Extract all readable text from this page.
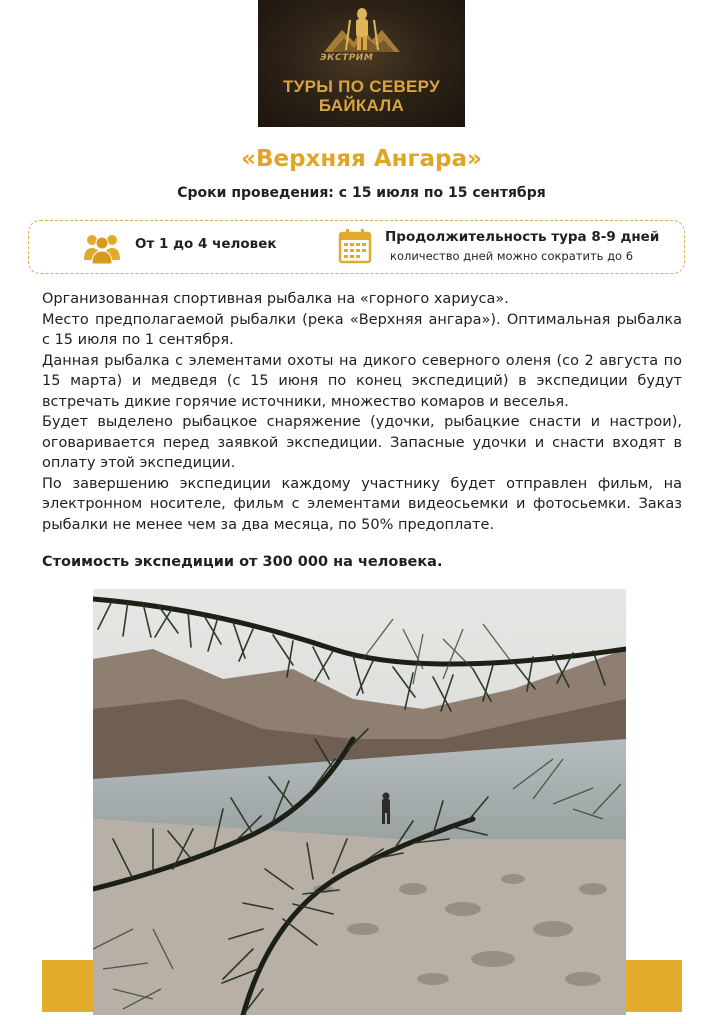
ЭКСТРИМ
ТУРЫ ПО СЕВЕРУ
БАЙКАЛА
«Верхняя Ангара»
Сроки проведения: с 15 июля по 15 сентября
От 1 до 4 человек	Продолжительность тура 8-9 дней
количество дней можно сократить до 6

Организованная спортивная рыбалка на «горного хариуса».

Место предполагаемой рыбалки (река «Верхняя ангара»). Оптимальная рыбалка с 15 июля по 1 сентября.

Данная рыбалка с элементами охоты на дикого северного оленя (со 2 августа по 15 марта) и медведя (с 15 июня по конец экспедиций) в экспедиции будут встречать дикие горячие источники, множество комаров и веселья.

Будет выделено рыбацкое снаряжение (удочки, рыбацкие снасти и настрои), оговаривается перед заявкой экспедиции. Запасные удочки и снасти входят в оплату этой экспедиции.

По завершению экспедиции каждому участнику будет отправлен фильм, на электронном носителе, фильм с элементами видеосьемки и фотосьемки. Заказ рыбалки не менее чем за два месяца, по 50% предоплате.

Стоимость экспедиции от 300 000 на человека.
